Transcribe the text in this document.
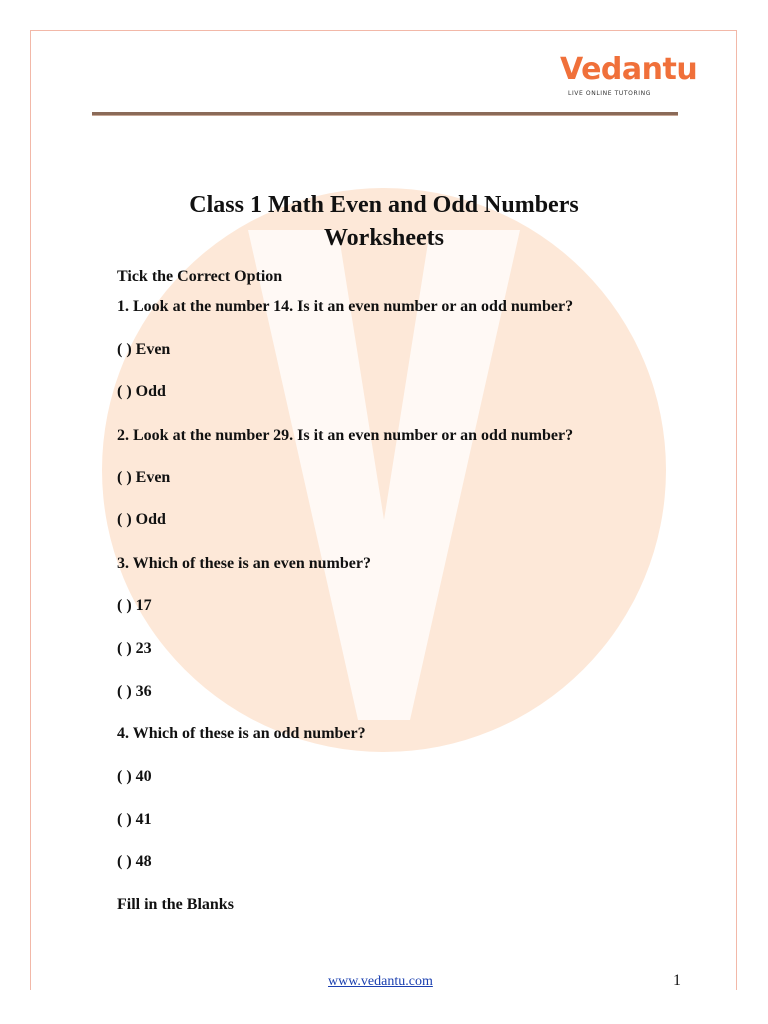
Vedantu
LIVE ONLINE TUTORING
Class 1 Math Even and Odd Numbers
Worksheets
Tick the Correct Option
1. Look at the number 14. Is it an even number or an odd number?
( ) Even
( ) Odd
2. Look at the number 29. Is it an even number or an odd number?
( ) Even
( ) Odd
3. Which of these is an even number?
( ) 17
( ) 23
( ) 36
4. Which of these is an odd number?
( ) 40
( ) 41
( ) 48
Fill in the Blanks
www.vedantu.com	1
